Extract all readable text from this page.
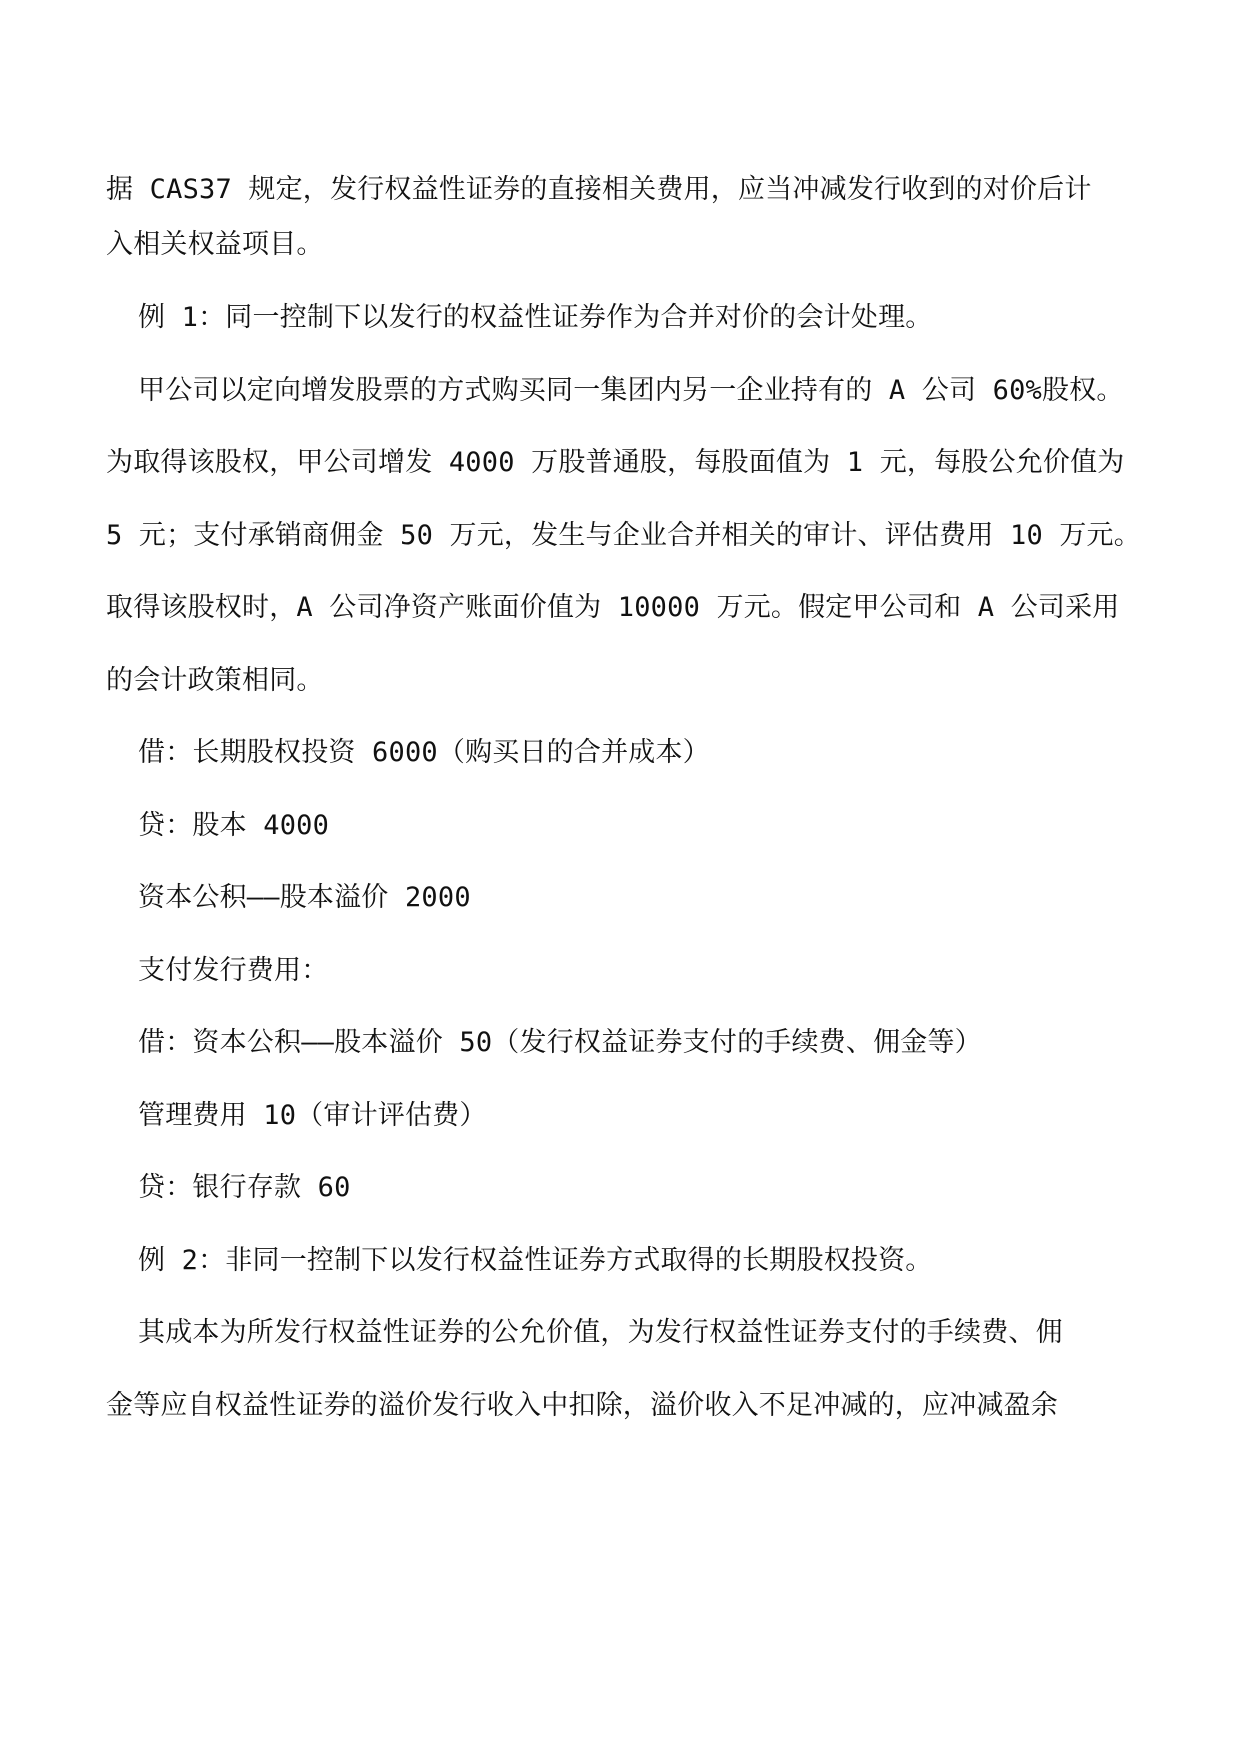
据 CAS37 规定，发行权益性证券的直接相关费用，应当冲减发行收到的对价后计

入相关权益项目。

例 1：同一控制下以发行的权益性证券作为合并对价的会计处理。

甲公司以定向增发股票的方式购买同一集团内另一企业持有的 A 公司 60%股权。

为取得该股权，甲公司增发 4000 万股普通股，每股面值为 1 元，每股公允价值为

5 元；支付承销商佣金 50 万元，发生与企业合并相关的审计、评估费用 10 万元。

取得该股权时，A 公司净资产账面价值为 10000 万元。假定甲公司和 A 公司采用

的会计政策相同。

借：长期股权投资 6000（购买日的合并成本）

贷：股本 4000

资本公积——股本溢价 2000

支付发行费用：

借：资本公积——股本溢价 50（发行权益证券支付的手续费、佣金等）

管理费用 10（审计评估费）

贷：银行存款 60

例 2：非同一控制下以发行权益性证券方式取得的长期股权投资。

其成本为所发行权益性证券的公允价值，为发行权益性证券支付的手续费、佣

金等应自权益性证券的溢价发行收入中扣除，溢价收入不足冲减的，应冲减盈余
